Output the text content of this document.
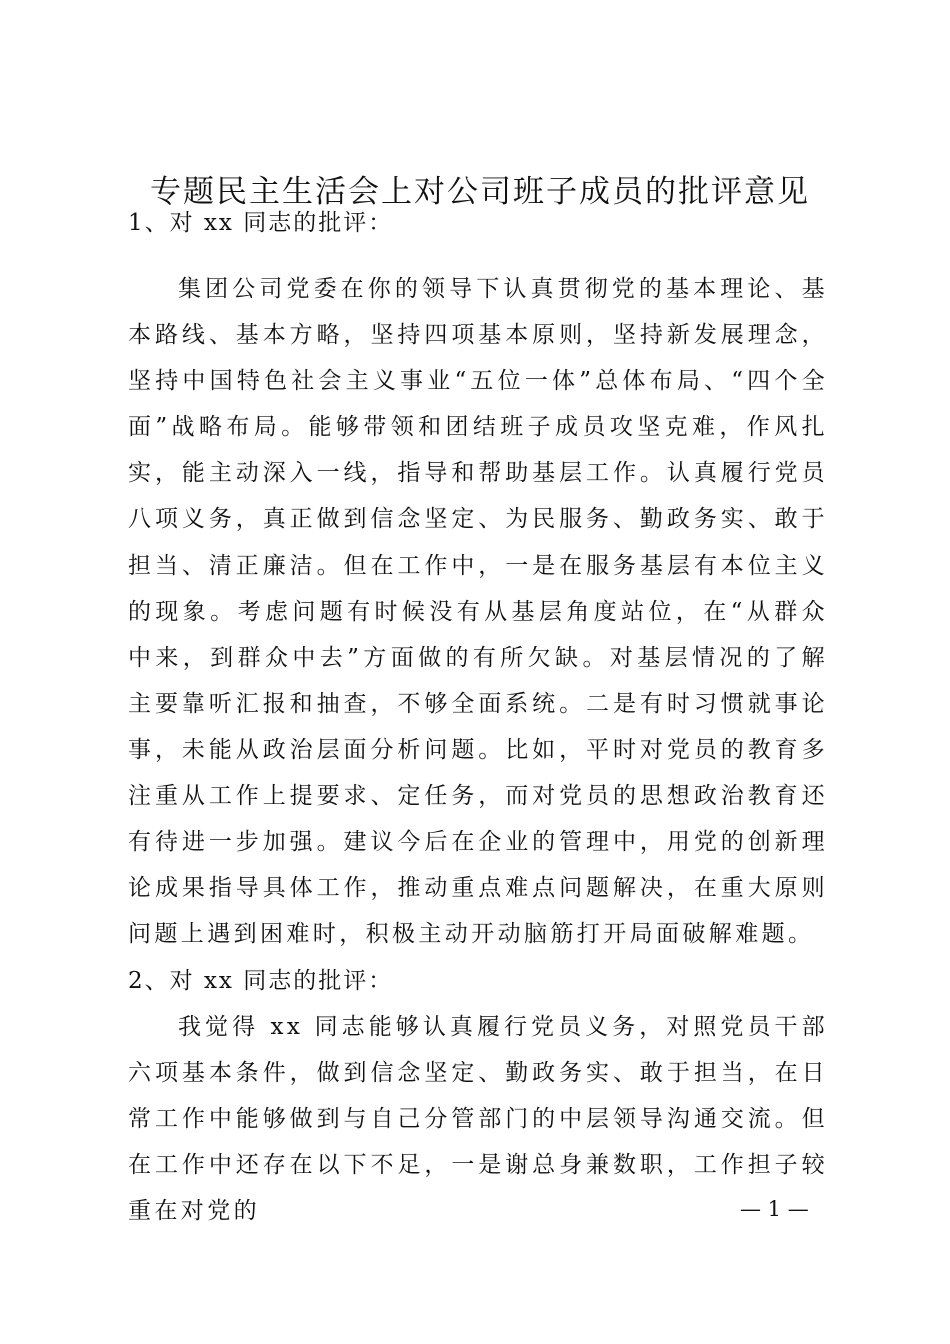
专题民主生活会上对公司班子成员的批评意见
1、对 xx 同志的批评：

集团公司党委在你的领导下认真贯彻党的基本理论、基本路线、基本方略，坚持四项基本原则，坚持新发展理念，坚持中国特色社会主义事业“五位一体”总体布局、“四个全面”战略布局。能够带领和团结班子成员攻坚克难，作风扎实，能主动深入一线，指导和帮助基层工作。认真履行党员八项义务，真正做到信念坚定、为民服务、勤政务实、敢于担当、清正廉洁。但在工作中，一是在服务基层有本位主义的现象。考虑问题有时候没有从基层角度站位，在“从群众中来，到群众中去”方面做的有所欠缺。对基层情况的了解主要靠听汇报和抽查，不够全面系统。二是有时习惯就事论事，未能从政治层面分析问题。比如，平时对党员的教育多注重从工作上提要求、定任务，而对党员的思想政治教育还有待进一步加强。建议今后在企业的管理中，用党的创新理论成果指导具体工作，推动重点难点问题解决，在重大原则问题上遇到困难时，积极主动开动脑筋打开局面破解难题。

2、对 xx 同志的批评：

我觉得 xx 同志能够认真履行党员义务，对照党员干部六项基本条件，做到信念坚定、勤政务实、敢于担当，在日常工作中能够做到与自己分管部门的中层领导沟通交流。但在工作中还存在以下不足，一是谢总身兼数职，工作担子较重在对党的	— 1 —
